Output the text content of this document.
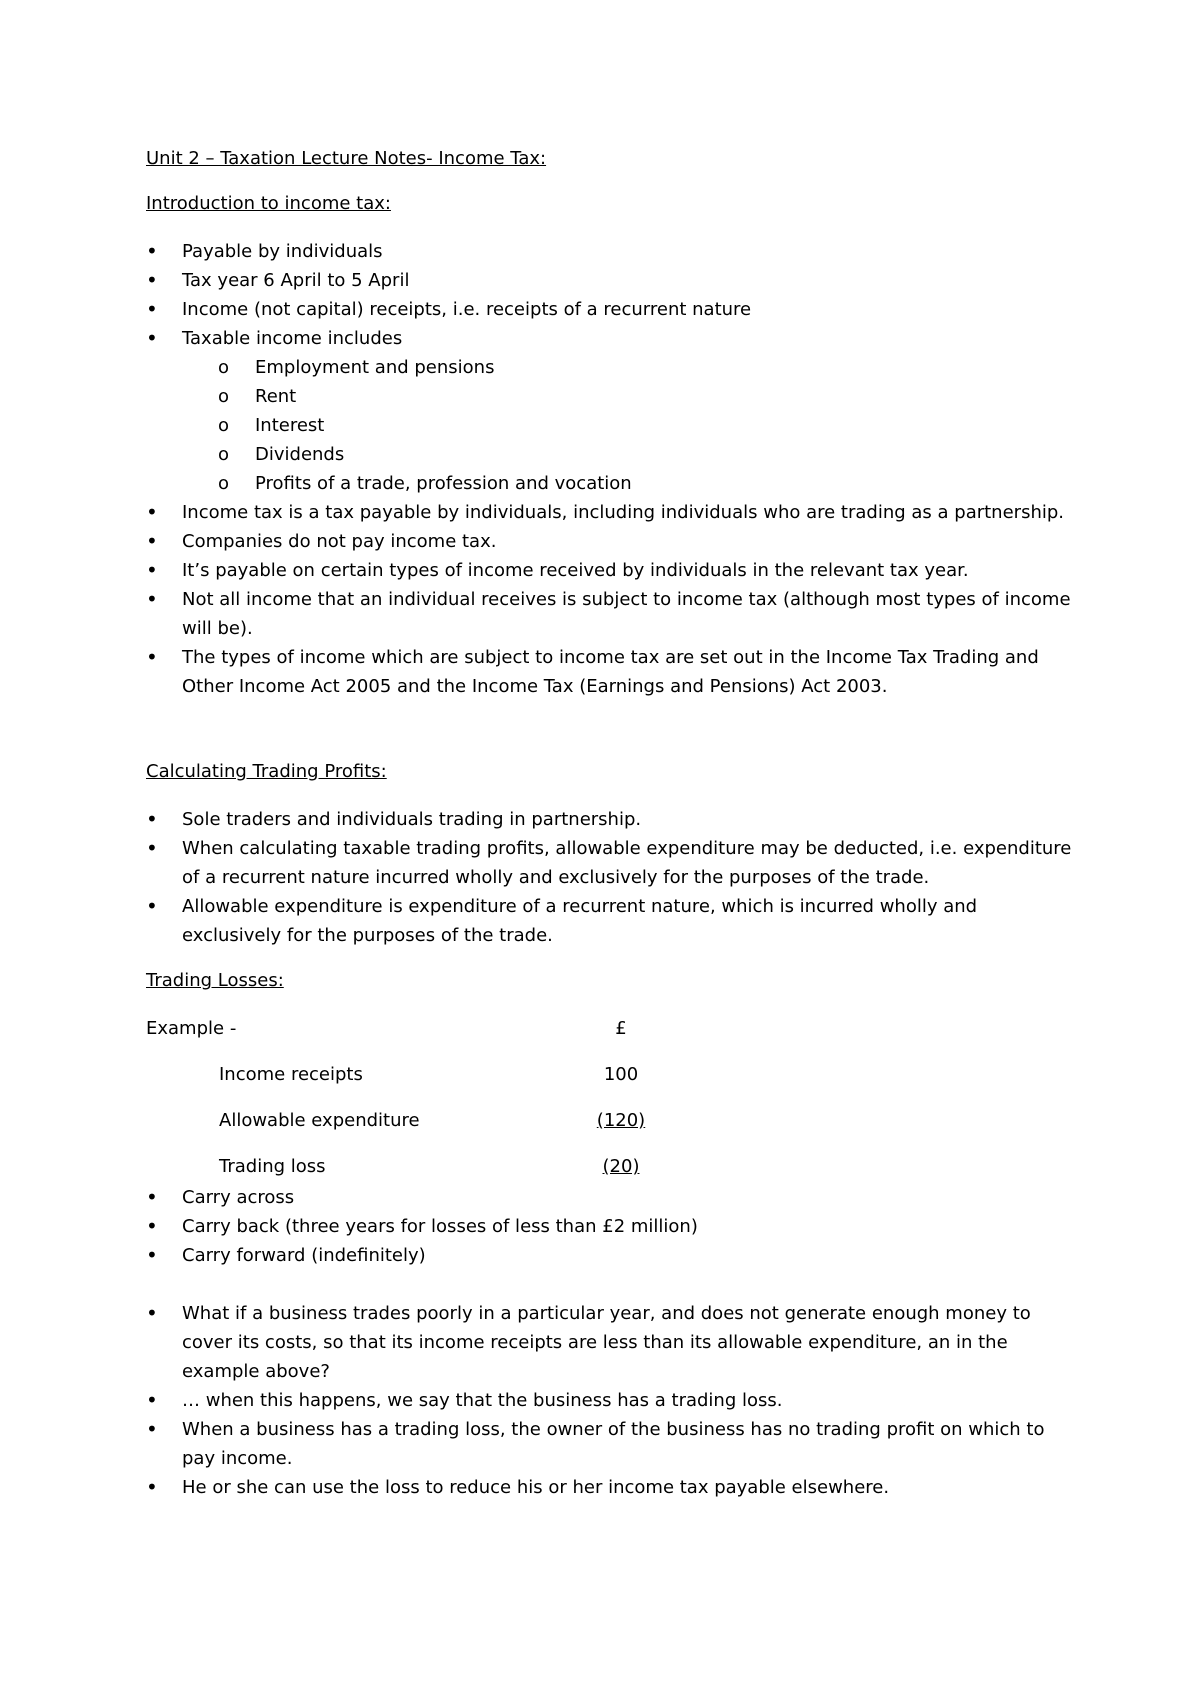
Unit 2 – Taxation Lecture Notes- Income Tax:
Introduction to income tax:
• Payable by individuals
• Tax year 6 April to 5 April
• Income (not capital) receipts, i.e. receipts of a recurrent nature
• Taxable income includes
o Employment and pensions
o Rent
o Interest
o Dividends
o Profits of a trade, profession and vocation
• Income tax is a tax payable by individuals, including individuals who are trading as a partnership.
• Companies do not pay income tax.
• It’s payable on certain types of income received by individuals in the relevant tax year.
• Not all income that an individual receives is subject to income tax (although most types of income will be).
• The types of income which are subject to income tax are set out in the Income Tax Trading and Other Income Act 2005 and the Income Tax (Earnings and Pensions) Act 2003.
Calculating Trading Profits:
• Sole traders and individuals trading in partnership.
• When calculating taxable trading profits, allowable expenditure may be deducted, i.e. expenditure of a recurrent nature incurred wholly and exclusively for the purposes of the trade.
• Allowable expenditure is expenditure of a recurrent nature, which is incurred wholly and exclusively for the purposes of the trade.
Trading Losses:
Example -	£
Income receipts	100
Allowable expenditure	(120)
Trading loss	(20)
• Carry across
• Carry back (three years for losses of less than £2 million)
• Carry forward (indefinitely)
• What if a business trades poorly in a particular year, and does not generate enough money to cover its costs, so that its income receipts are less than its allowable expenditure, an in the example above?
• … when this happens, we say that the business has a trading loss.
• When a business has a trading loss, the owner of the business has no trading profit on which to pay income.
• He or she can use the loss to reduce his or her income tax payable elsewhere.
